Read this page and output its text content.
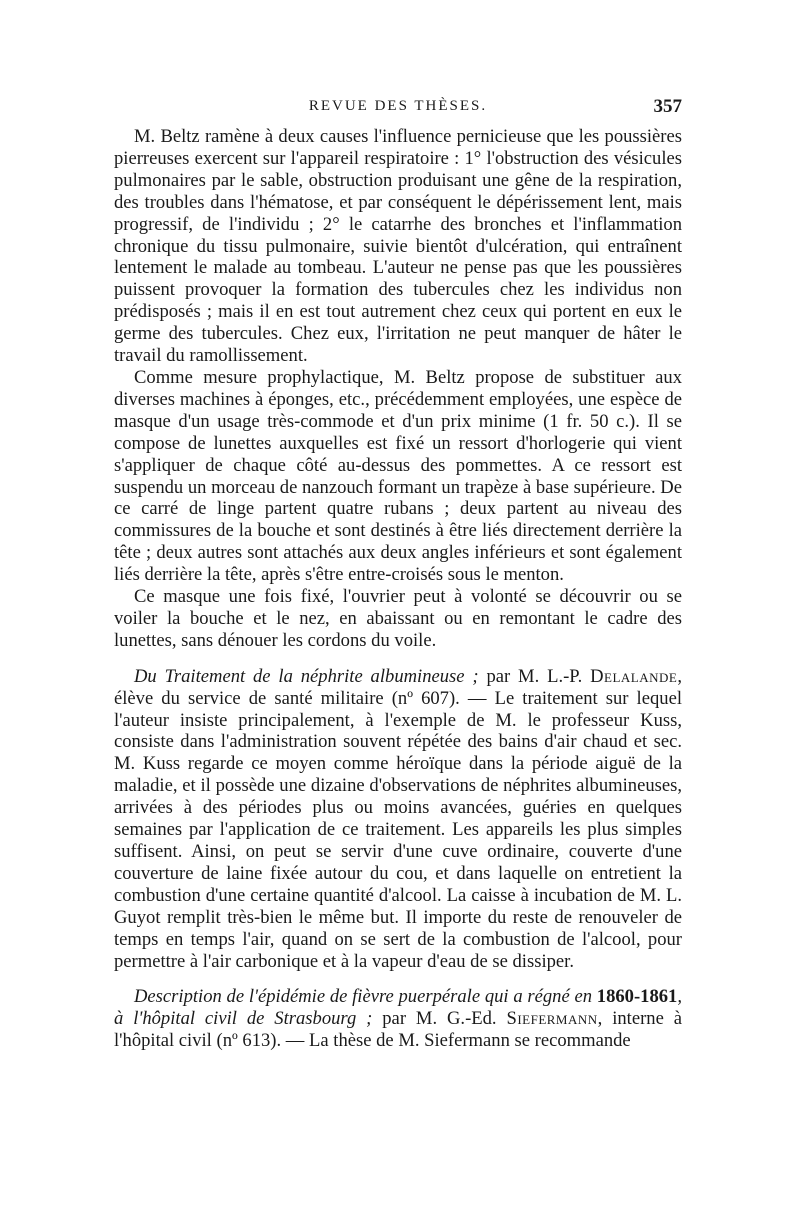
REVUE DES THÈSES.	357

M. Beltz ramène à deux causes l'influence pernicieuse que les poussières pierreuses exercent sur l'appareil respiratoire : 1° l'obstruction des vésicules pulmonaires par le sable, obstruction produisant une gêne de la respiration, des troubles dans l'hématose, et par conséquent le dépérissement lent, mais progressif, de l'individu ; 2° le catarrhe des bronches et l'inflammation chronique du tissu pulmonaire, suivie bientôt d'ulcération, qui entraînent lentement le malade au tombeau. L'auteur ne pense pas que les poussières puissent provoquer la formation des tubercules chez les individus non prédisposés ; mais il en est tout autrement chez ceux qui portent en eux le germe des tubercules. Chez eux, l'irritation ne peut manquer de hâter le travail du ramollissement.

Comme mesure prophylactique, M. Beltz propose de substituer aux diverses machines à éponges, etc., précédemment employées, une espèce de masque d'un usage très-commode et d'un prix minime (1 fr. 50 c.). Il se compose de lunettes auxquelles est fixé un ressort d'horlogerie qui vient s'appliquer de chaque côté au-dessus des pommettes. A ce ressort est suspendu un morceau de nanzouch formant un trapèze à base supérieure. De ce carré de linge partent quatre rubans ; deux partent au niveau des commissures de la bouche et sont destinés à être liés directement derrière la tête ; deux autres sont attachés aux deux angles inférieurs et sont également liés derrière la tête, après s'être entre-croisés sous le menton.

Ce masque une fois fixé, l'ouvrier peut à volonté se découvrir ou se voiler la bouche et le nez, en abaissant ou en remontant le cadre des lunettes, sans dénouer les cordons du voile.

Du Traitement de la néphrite albumineuse ; par M. L.-P. Delalande, élève du service de santé militaire (nº 607). — Le traitement sur lequel l'auteur insiste principalement, à l'exemple de M. le professeur Kuss, consiste dans l'administration souvent répétée des bains d'air chaud et sec. M. Kuss regarde ce moyen comme héroïque dans la période aiguë de la maladie, et il possède une dizaine d'observations de néphrites albumineuses, arrivées à des périodes plus ou moins avancées, guéries en quelques semaines par l'application de ce traitement. Les appareils les plus simples suffisent. Ainsi, on peut se servir d'une cuve ordinaire, couverte d'une couverture de laine fixée autour du cou, et dans laquelle on entretient la combustion d'une certaine quantité d'alcool. La caisse à incubation de M. L. Guyot remplit très-bien le même but. Il importe du reste de renouveler de temps en temps l'air, quand on se sert de la combustion de l'alcool, pour permettre à l'air carbonique et à la vapeur d'eau de se dissiper.

Description de l'épidémie de fièvre puerpérale qui a régné en 1860-1861, à l'hôpital civil de Strasbourg ; par M. G.-Ed. Siefermann, interne à l'hôpital civil (nº 613). — La thèse de M. Siefermann se recommande
